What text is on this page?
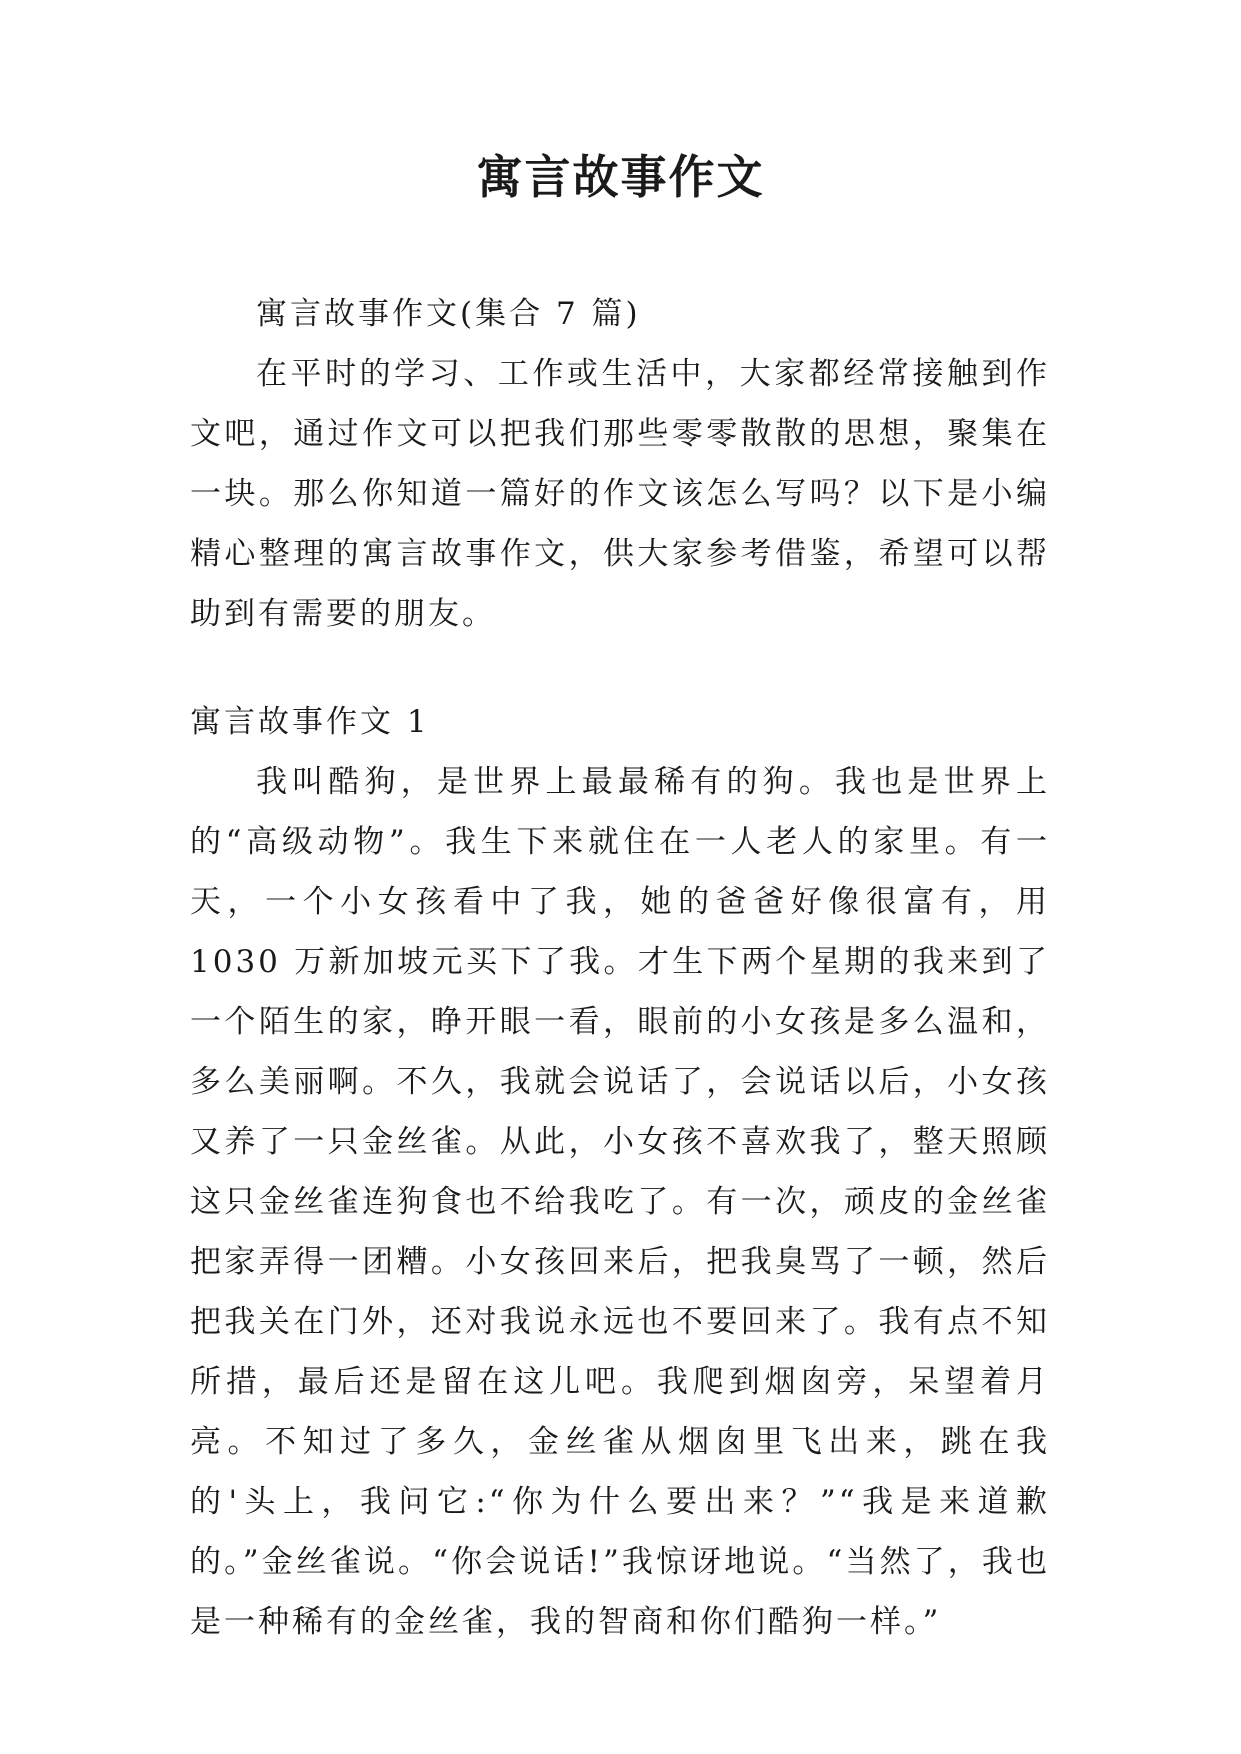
寓言故事作文

寓言故事作文(集合 7 篇)

在平时的学习、工作或生活中，大家都经常接触到作文吧，通过作文可以把我们那些零零散散的思想，聚集在一块。那么你知道一篇好的作文该怎么写吗？以下是小编精心整理的寓言故事作文，供大家参考借鉴，希望可以帮助到有需要的朋友。

寓言故事作文 1

我叫酷狗，是世界上最最稀有的狗。我也是世界上的“高级动物”。我生下来就住在一人老人的家里。有一天，一个小女孩看中了我，她的爸爸好像很富有，用 1030 万新加坡元买下了我。才生下两个星期的我来到了一个陌生的家，睁开眼一看，眼前的小女孩是多么温和，多么美丽啊。不久，我就会说话了，会说话以后，小女孩又养了一只金丝雀。从此，小女孩不喜欢我了，整天照顾这只金丝雀连狗食也不给我吃了。有一次，顽皮的金丝雀把家弄得一团糟。小女孩回来后，把我臭骂了一顿，然后把我关在门外，还对我说永远也不要回来了。我有点不知所措，最后还是留在这儿吧。我爬到烟囱旁，呆望着月亮。不知过了多久，金丝雀从烟囱里飞出来，跳在我的'头上，我问它:“你为什么要出来？”“我是来道歉的。”金丝雀说。“你会说话!”我惊讶地说。“当然了，我也是一种稀有的金丝雀，我的智商和你们酷狗一样。”
